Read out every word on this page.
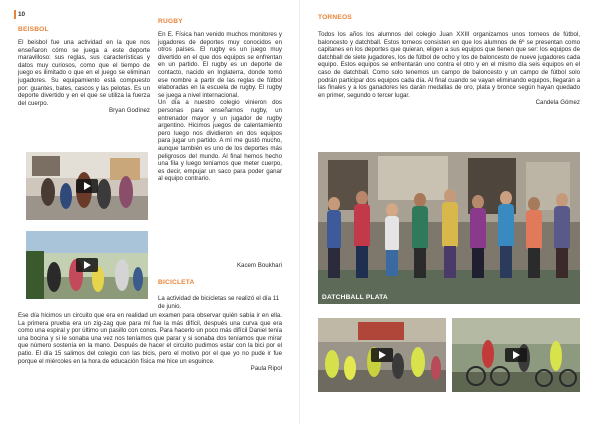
10
BEISBOL

El beisbol fue una actividad en la que nos enseñaron cómo se juega a este deporte maravilloso: sus reglas, sus características y datos muy curiosos, como que el tiempo de juego es ilimitado o que en el juego se eliminan jugadores. Su equipamiento está compuesto por: guantes, bates, cascos y las pelotas. Es un deporte divertido y en el que se utiliza la fuerza del cuerpo.

Bryan Godínez

RUGBY

En E. Física han venido muchos monitores y jugadores de deportes muy conocidos en otros países. El rugby es un juego muy divertido en el que dos equipos se enfrentan en un partido. El rugby es un deporte de contacto, nacido en Inglaterra, donde tomó ese nombre a partir de las reglas de fútbol elaboradas en la escuela de rugby. El rugby se juega a nivel internacional.

Un día a nuestro colegio vinieron dos personas para enseñarnos rugby, un entrenador mayor y un jugador de rugby argentino. Hicimos juegos de calentamiento pero luego nos dividieron en dos equipos para jugar un partido. A mí me gustó mucho, aunque también es uno de los deportes más peligrosos del mundo. Al final hemos hecho una fila y luego teníamos que meter cuerpo, es decir, empujar un saco para poder ganar al equipo contrario.

Kacem Boukhari
BICICLETA
La actividad de bicicletas se realizó el día 11 de junio.

Ese día hicimos un circuito que era en realidad un examen para observar quién sabía ir en ella. La primera prueba era un zig-zag que para mí fue la más difícil, después una curva que era como una espiral y por último un pasillo con conos. Para hacerlo un poco más difícil Daniel tenía una bocina y si le sonaba una vez nos teníamos que parar y si sonaba dos teníamos que mirar que número sostenía en la mano. Después de hacer el circuito pudimos estar con la bici por el patio. El día 15 salimos del colegio con las bicis, pero el motivo por el que yo no pude ir fue porque el miércoles en la hora de educación física me hice un esguince.

Paula Ripol

TORNEOS

Todos los años los alumnos del colegio Juan XXIII organizamos unos torneos de fútbol, baloncesto y datchball. Estos torneos consisten en que los alumnos de 6º se presentan como capitanes en los deportes que quieran, eligen a sus equipos que tienen que ser: los equipos de datchball de siete jugadores, los de fútbol de ocho y los de baloncesto de nueve jugadores cada equipo. Estos equipos se enfrentarán uno contra el otro y en el mismo día seis equipos en el caso de datchball. Como solo tenemos un campo de baloncesto y un campo de fútbol solo podrán participar dos equipos cada día. Al final cuando se vayan eliminando equipos, llegarán a las finales y a los ganadores les darán medallas de oro, plata y bronce según hayan quedado en primer, segundo o tercer lugar.

Candela Gómez

DATCHBALL PLATA
